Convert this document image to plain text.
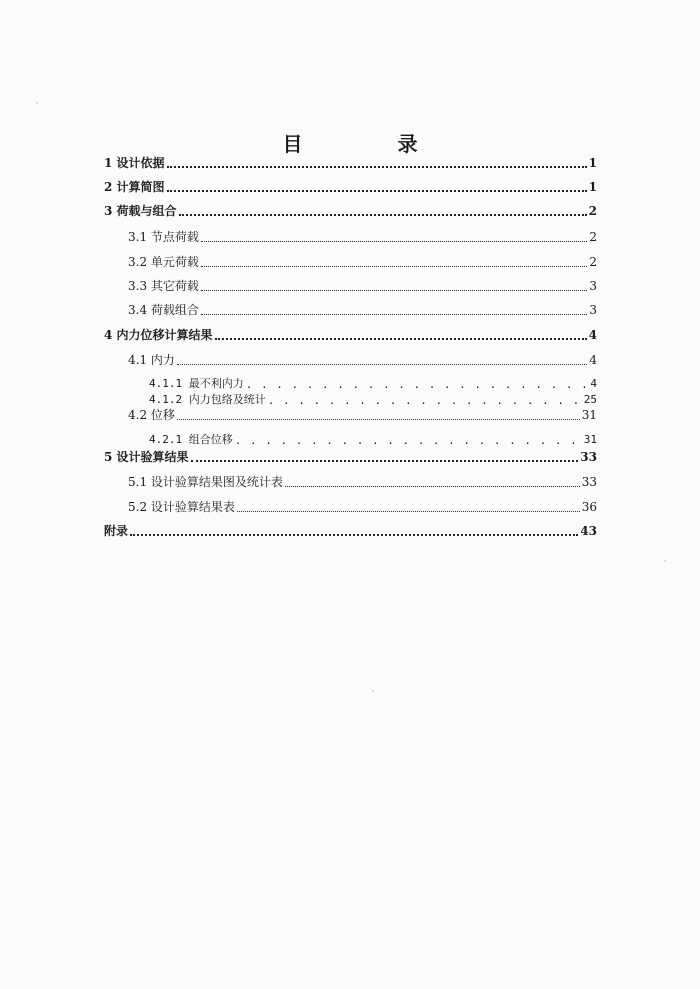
目 录
1 设计依据	1
2 计算简图	1
3 荷载与组合	2
3.1 节点荷载	2
3.2 单元荷载	2
3.3 其它荷载	3
3.4 荷载组合	3
4 内力位移计算结果	4
4.1 内力	4
4.1.1 最不利内力 . . .	4
4.1.2 内力包络及统计 . . .	25
4.2 位移	31
4.2.1 组合位移 . . .	31
5 设计验算结果	33
5.1 设计验算结果图及统计表	33
5.2 设计验算结果表	36
附录	43
